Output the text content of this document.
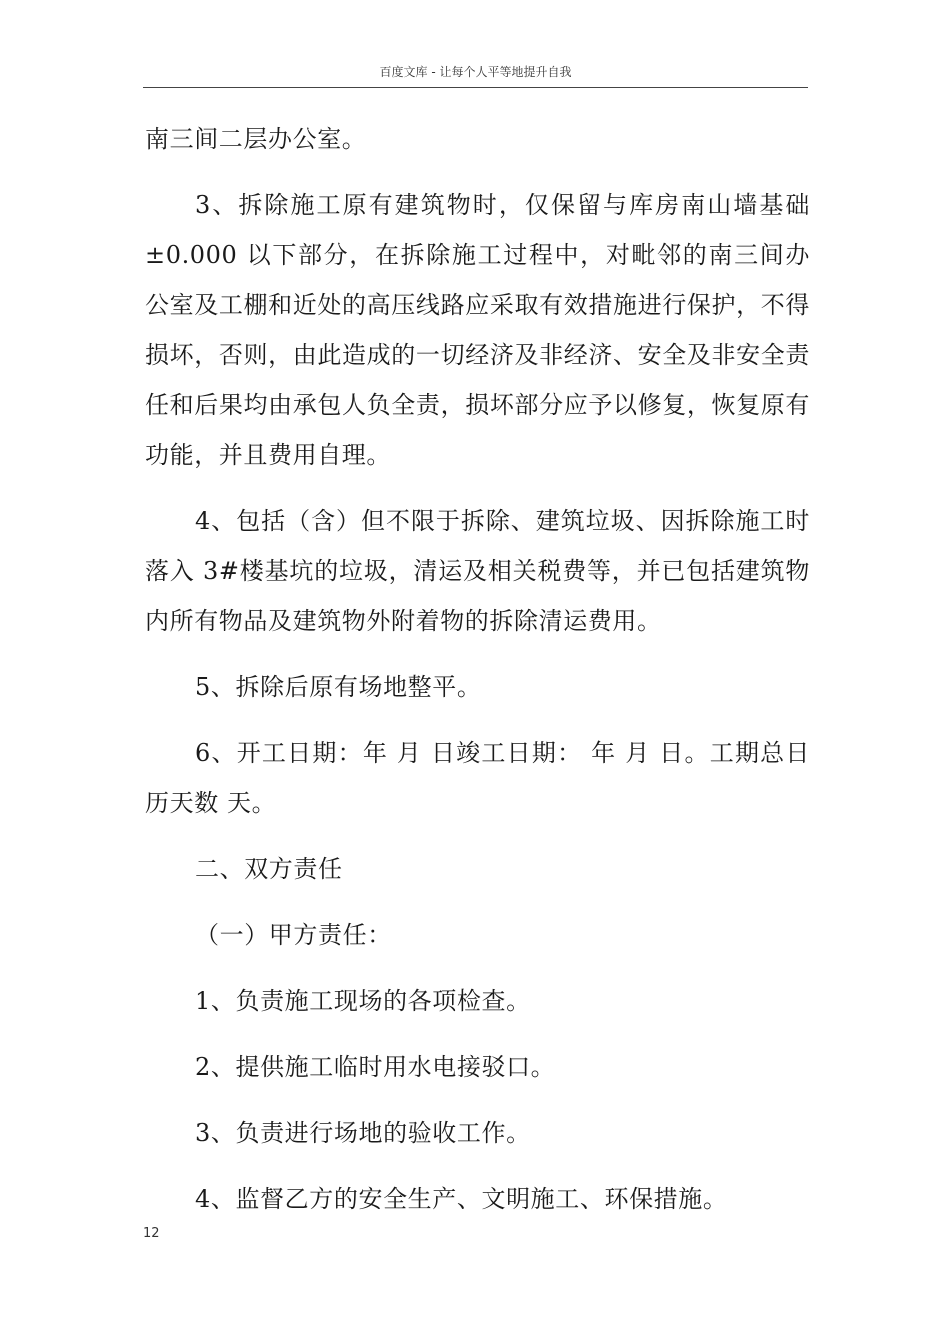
百度文库 - 让每个人平等地提升自我

南三间二层办公室。

3、拆除施工原有建筑物时，仅保留与库房南山墙基础±0.000 以下部分，在拆除施工过程中，对毗邻的南三间办公室及工棚和近处的高压线路应采取有效措施进行保护，不得损坏，否则，由此造成的一切经济及非经济、安全及非安全责任和后果均由承包人负全责，损坏部分应予以修复，恢复原有功能，并且费用自理。

4、包括（含）但不限于拆除、建筑垃圾、因拆除施工时落入 3#楼基坑的垃圾，清运及相关税费等，并已包括建筑物内所有物品及建筑物外附着物的拆除清运费用。

5、拆除后原有场地整平。

6、开工日期：年 月 日竣工日期： 年 月 日。工期总日历天数 天。

二、双方责任

（一）甲方责任：

1、负责施工现场的各项检查。

2、提供施工临时用水电接驳口。

3、负责进行场地的验收工作。

4、监督乙方的安全生产、文明施工、环保措施。

12
